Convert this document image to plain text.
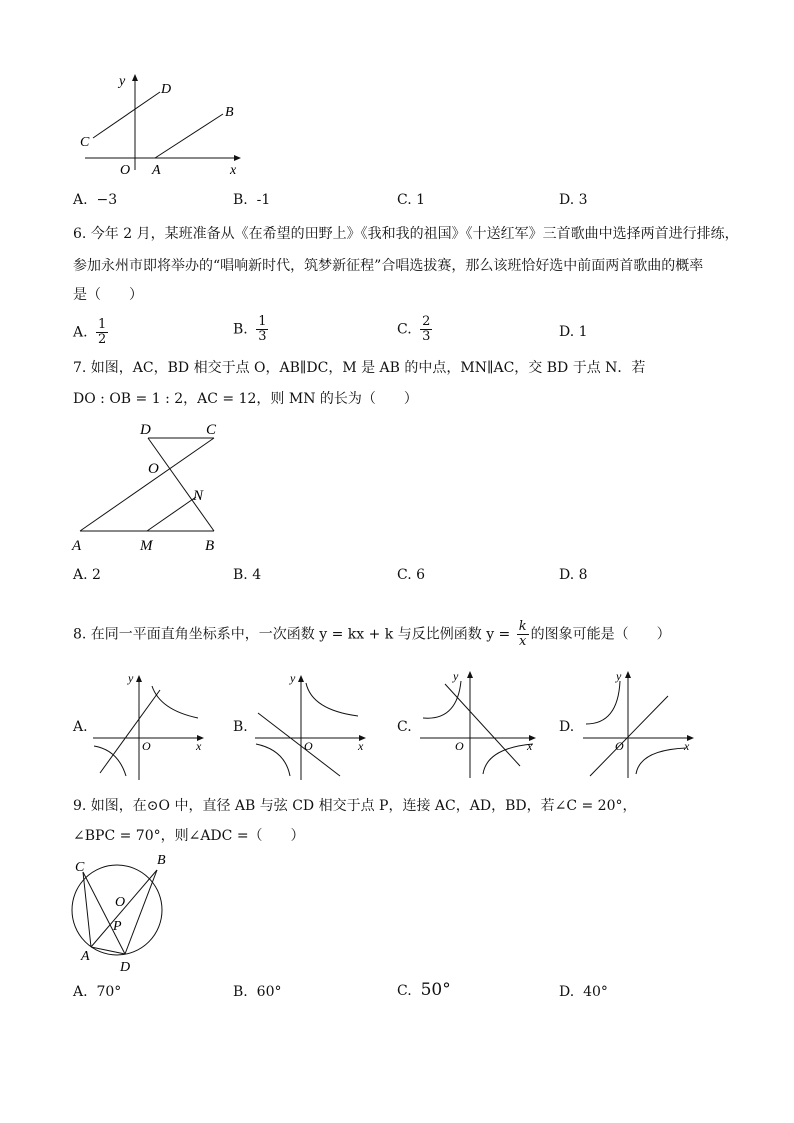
y
D
B
C
O A	x
A. −3	B. -1	C. 1	D. 3
6. 今年 2 月，某班准备从《在希望的田野上》《我和我的祖国》《十送红军》三首歌曲中选择两首进行排练，
参加永州市即将举办的“唱响新时代，筑梦新征程”合唱选拔赛，那么该班恰好选中前面两首歌曲的概率
是（　　）
A. $\frac{1}{2}$	B. $\frac{1}{3}$	C. $\frac{2}{3}$	D. 1
7. 如图，AC，BD 相交于点 O，AB∥DC，M 是 AB 的中点，MN∥AC，交 BD 于点 N．若
DO : OB = 1 : 2，AC = 12，则 MN 的长为（　　）
D	C
O
N
A	M	B
A. 2	B. 4	C. 6	D. 8
8. 在同一平面直角坐标系中，一次函数 y = kx + k 与反比例函数 $y = \frac{k}{x}$ 的图象可能是（　　）
A.
y
O	x
B.
y
O	x
C.
y
O	x
D.
y
O	x
9. 如图，在⊙O 中，直径 AB 与弦 CD 相交于点 P，连接 AC，AD，BD，若∠C = 20°，
∠BPC = 70°，则∠ADC =（　　）
C	B
O
P
A
D
A. 70°	B. 60°	C. 50°	D. 40°
